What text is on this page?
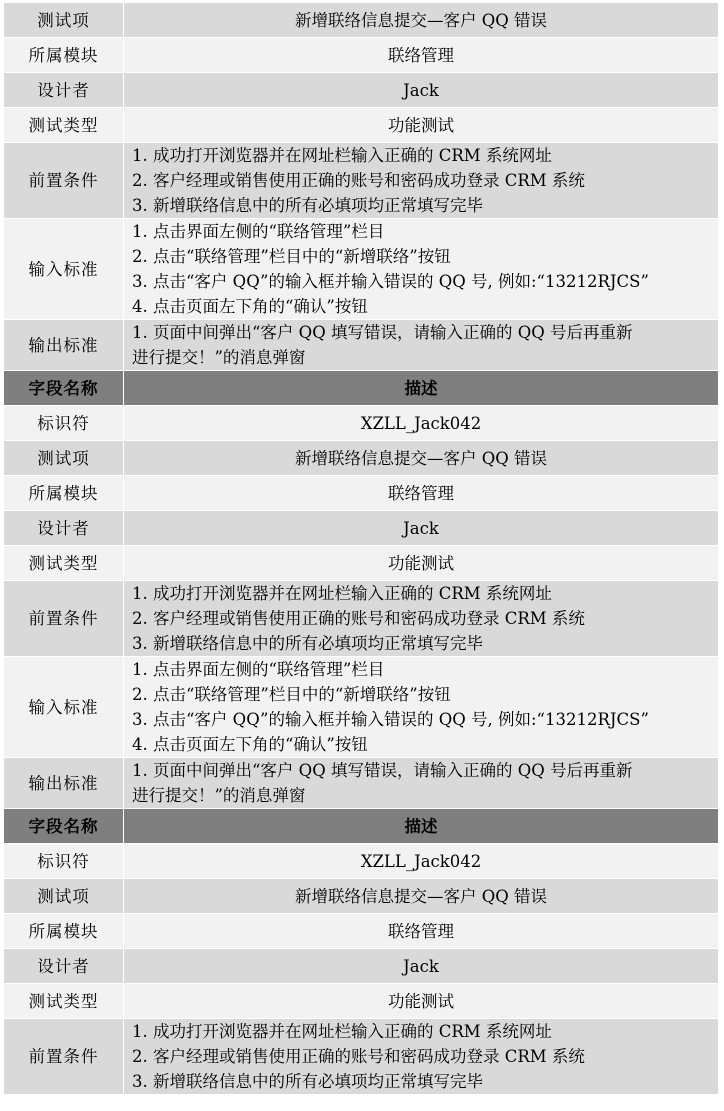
测试项	新增联络信息提交—客户 QQ 错误
所属模块	联络管理
设计者	Jack
测试类型	功能测试
前置条件	1. 成功打开浏览器并在网址栏输入正确的 CRM 系统网址
2. 客户经理或销售使用正确的账号和密码成功登录 CRM 系统
3. 新增联络信息中的所有必填项均正常填写完毕

输入标准	1. 点击界面左侧的“联络管理”栏目
2. 点击“联络管理”栏目中的“新增联络”按钮
3. 点击“客户 QQ”的输入框并输入错误的 QQ 号, 例如:“13212RJCS”
4. 点击页面左下角的“确认”按钮

输出标准	1. 页面中间弹出“客户 QQ 填写错误，请输入正确的 QQ 号后再重新
进行提交！”的消息弹窗

字段名称	描述
标识符	XZLL_Jack042
测试项	新增联络信息提交—客户 QQ 错误
所属模块	联络管理
设计者	Jack
测试类型	功能测试
前置条件	1. 成功打开浏览器并在网址栏输入正确的 CRM 系统网址
2. 客户经理或销售使用正确的账号和密码成功登录 CRM 系统
3. 新增联络信息中的所有必填项均正常填写完毕

输入标准	1. 点击界面左侧的“联络管理”栏目
2. 点击“联络管理”栏目中的“新增联络”按钮
3. 点击“客户 QQ”的输入框并输入错误的 QQ 号, 例如:“13212RJCS”
4. 点击页面左下角的“确认”按钮

输出标准	1. 页面中间弹出“客户 QQ 填写错误，请输入正确的 QQ 号后再重新
进行提交！”的消息弹窗

字段名称	描述
标识符	XZLL_Jack042
测试项	新增联络信息提交—客户 QQ 错误
所属模块	联络管理
设计者	Jack
测试类型	功能测试
前置条件	1. 成功打开浏览器并在网址栏输入正确的 CRM 系统网址
2. 客户经理或销售使用正确的账号和密码成功登录 CRM 系统
3. 新增联络信息中的所有必填项均正常填写完毕
